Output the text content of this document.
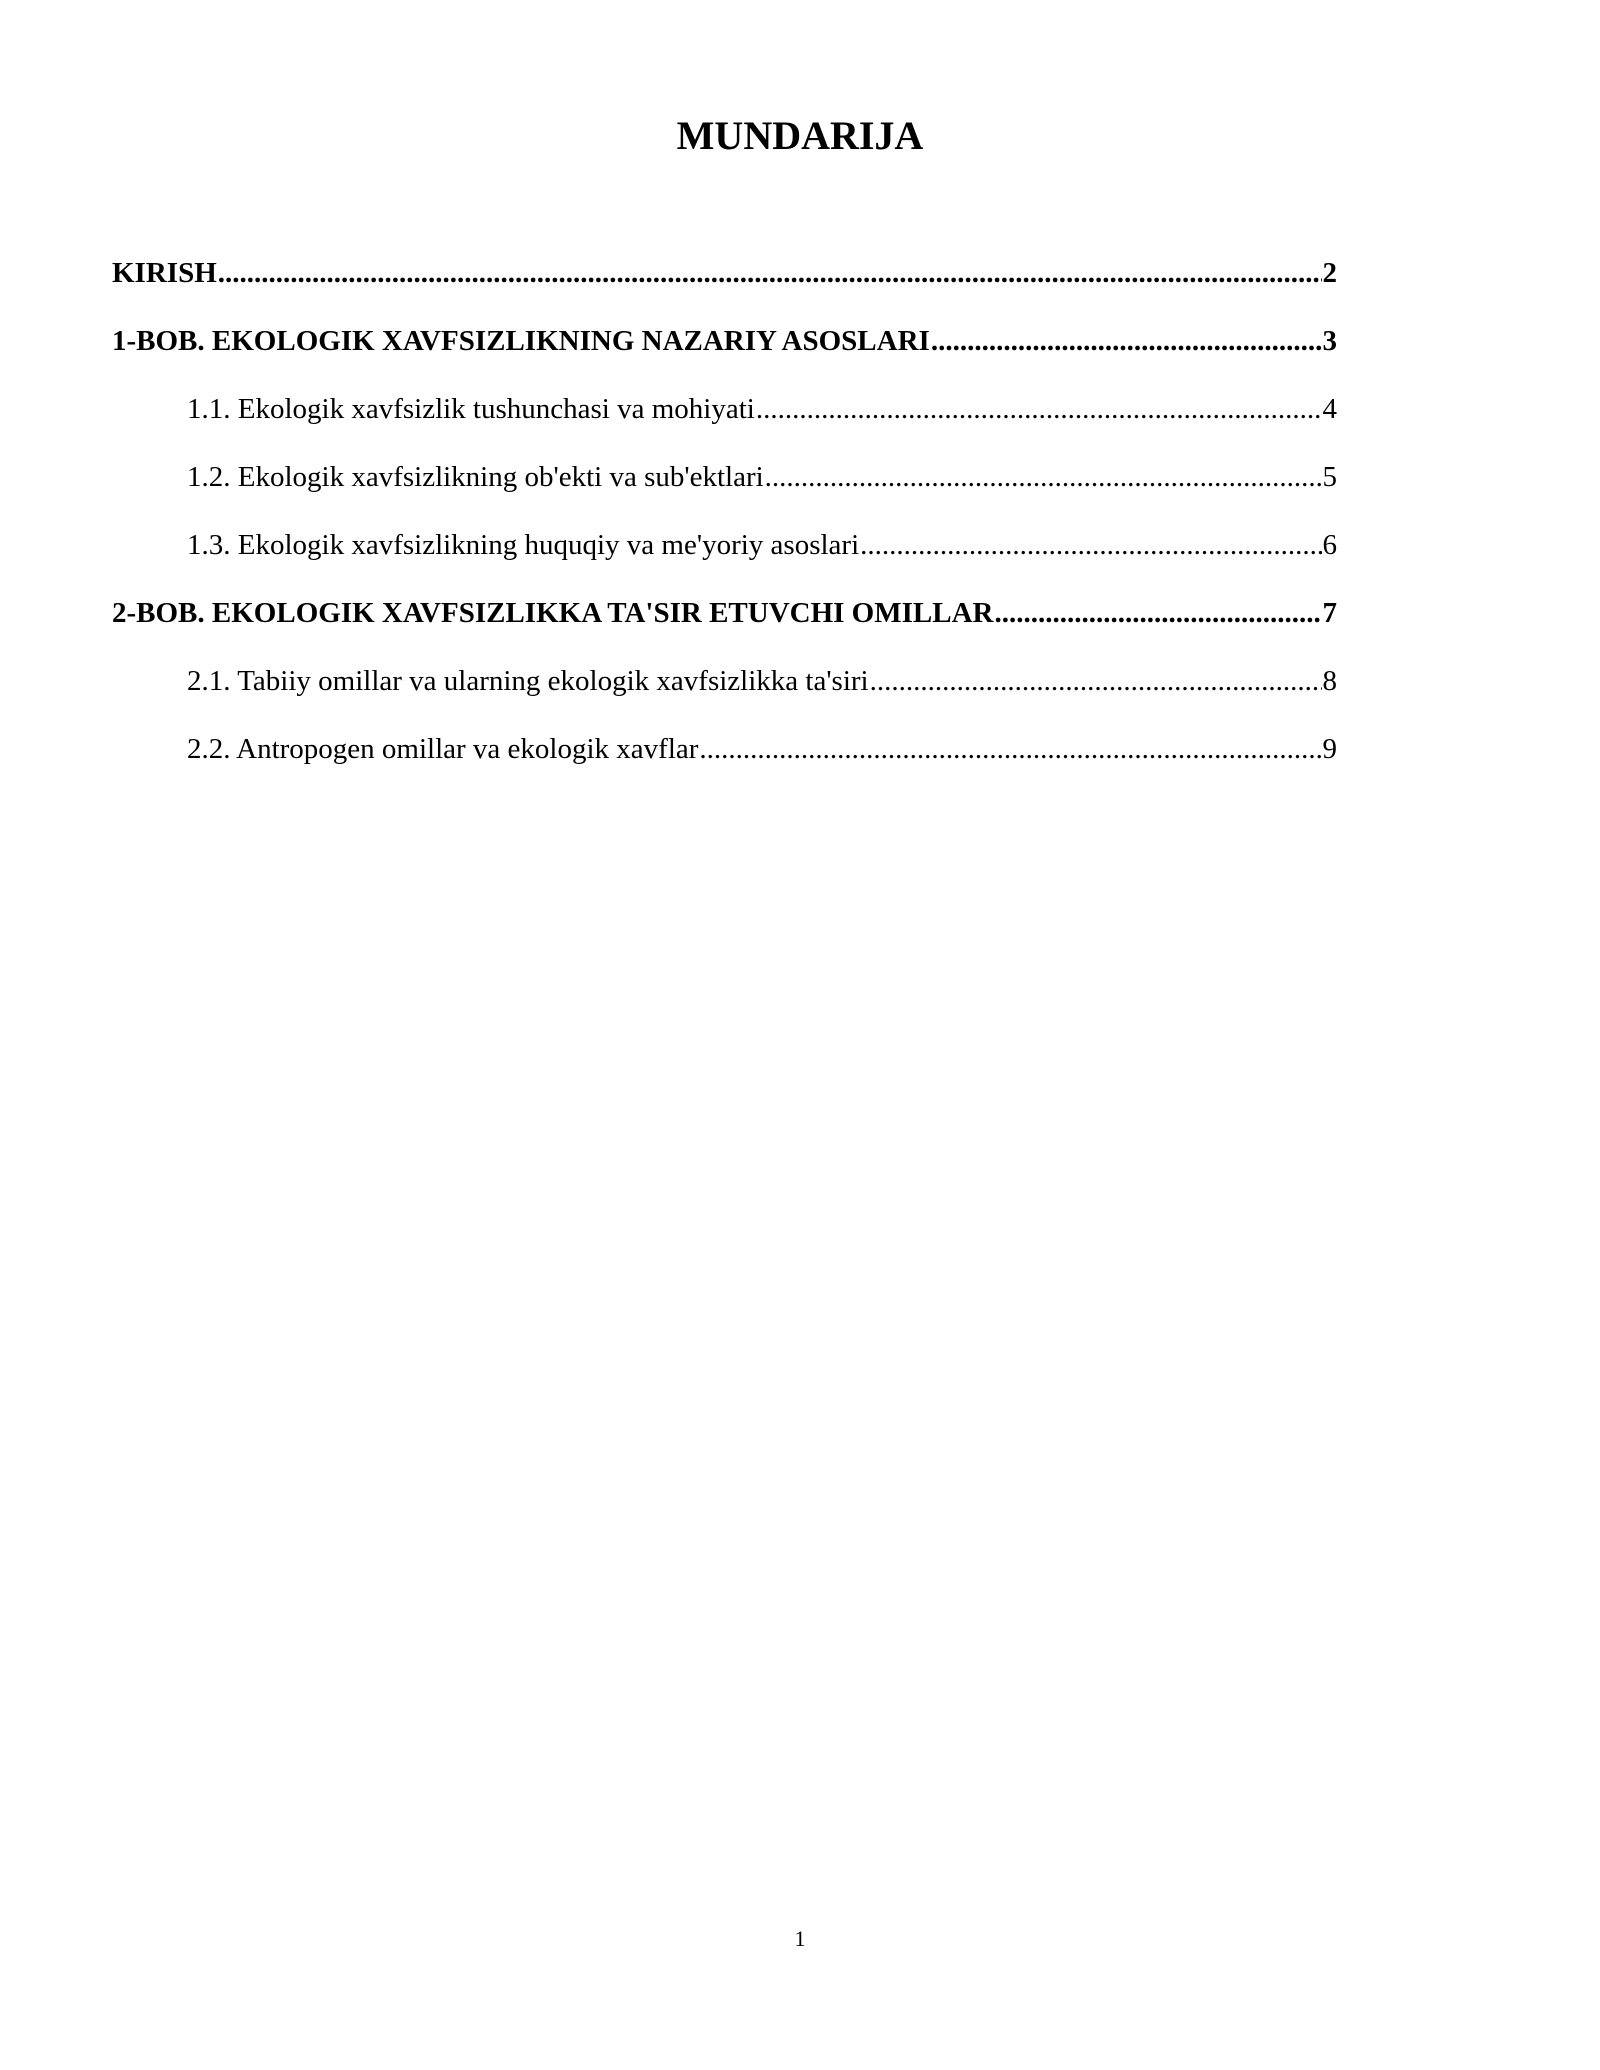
MUNDARIJA
KIRISH .....	2
1-BOB. EKOLOGIK XAVFSIZLIKNING NAZARIY ASOSLARI .....	3
1.1. Ekologik xavfsizlik tushunchasi va mohiyati .....	4
1.2. Ekologik xavfsizlikning ob'ekti va sub'ektlari .....	5
1.3. Ekologik xavfsizlikning huquqiy va me'yoriy asoslari .....	6
2-BOB. EKOLOGIK XAVFSIZLIKKA TA'SIR ETUVCHI OMILLAR .....	7
2.1. Tabiiy omillar va ularning ekologik xavfsizlikka ta'siri .....	8
2.2. Antropogen omillar va ekologik xavflar .....	9
1
